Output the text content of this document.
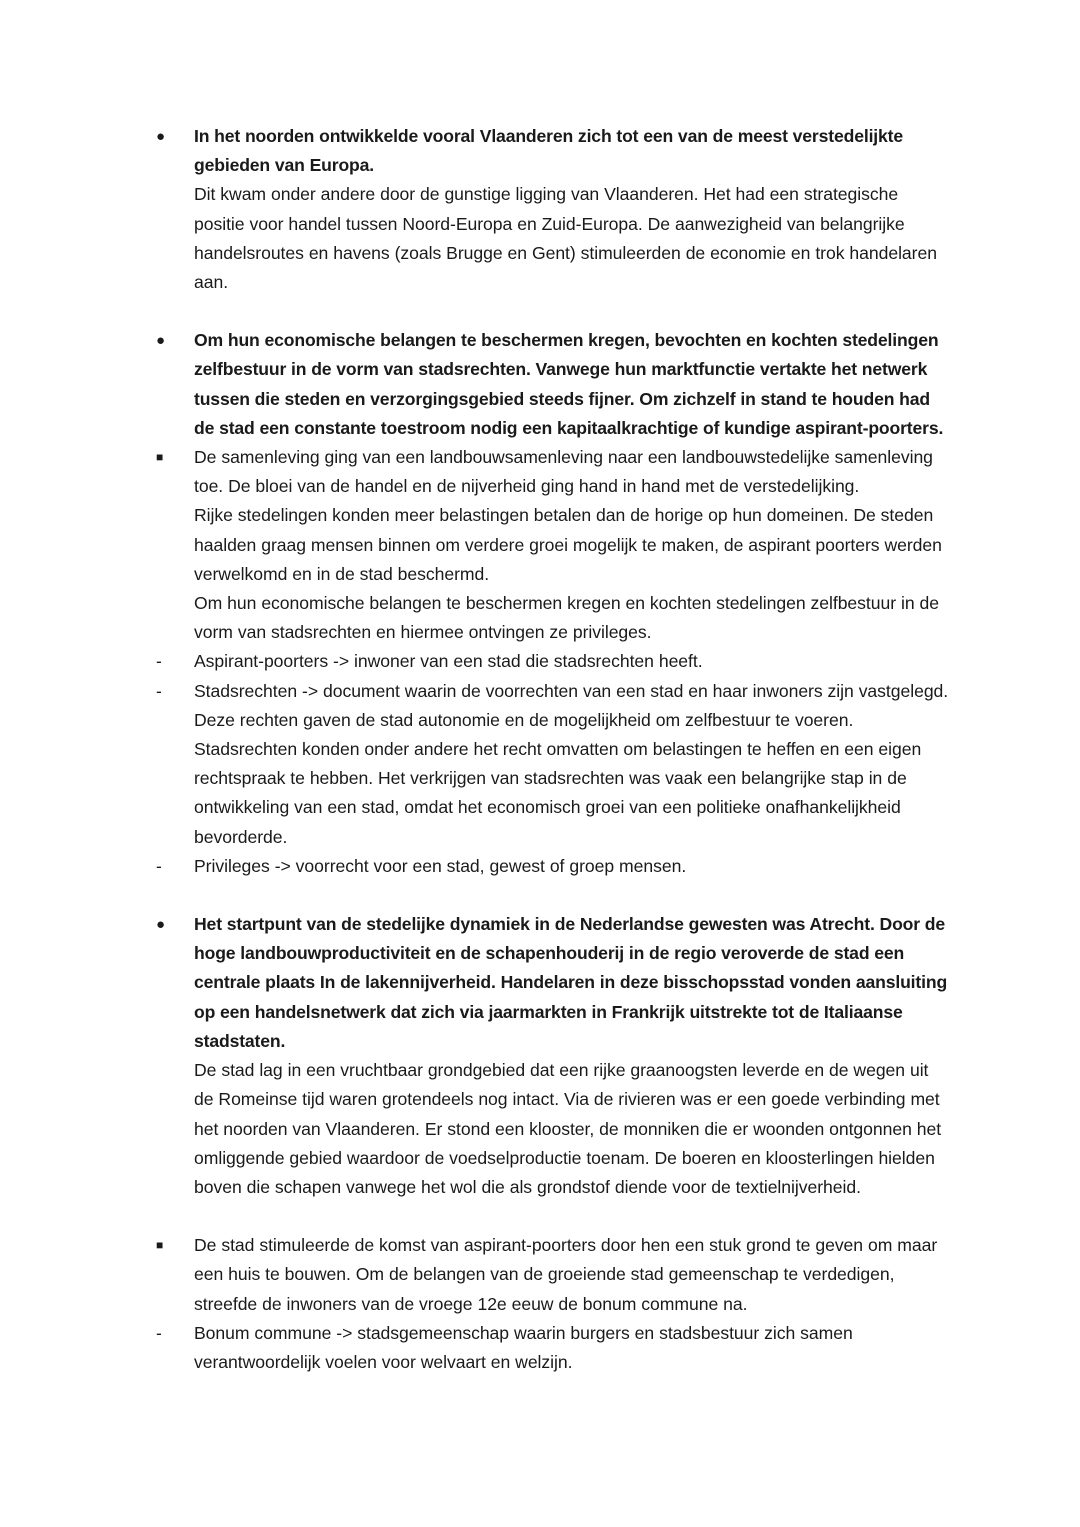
●	In het noorden ontwikkelde vooral Vlaanderen zich tot een van de meest verstedelijkte gebieden van Europa.

Dit kwam onder andere door de gunstige ligging van Vlaanderen. Het had een strategische positie voor handel tussen Noord-Europa en Zuid-Europa. De aanwezigheid van belangrijke handelsroutes en havens (zoals Brugge en Gent) stimuleerden de economie en trok handelaren aan.

●	Om hun economische belangen te beschermen kregen, bevochten en kochten stedelingen zelfbestuur in de vorm van stadsrechten. Vanwege hun marktfunctie vertakte het netwerk tussen die steden en verzorgingsgebied steeds fijner. Om zichzelf in stand te houden had de stad een constante toestroom nodig een kapitaalkrachtige of kundige aspirant-poorters.

■	De samenleving ging van een landbouwsamenleving naar een landbouwstedelijke samenleving toe. De bloei van de handel en de nijverheid ging hand in hand met de verstedelijking.

Rijke stedelingen konden meer belastingen betalen dan de horige op hun domeinen. De steden haalden graag mensen binnen om verdere groei mogelijk te maken, de aspirant poorters werden verwelkomd en in de stad beschermd.

Om hun economische belangen te beschermen kregen en kochten stedelingen zelfbestuur in de vorm van stadsrechten en hiermee ontvingen ze privileges.

-	Aspirant-poorters -> inwoner van een stad die stadsrechten heeft.

-	Stadsrechten -> document waarin de voorrechten van een stad en haar inwoners zijn vastgelegd. Deze rechten gaven de stad autonomie en de mogelijkheid om zelfbestuur te voeren. Stadsrechten konden onder andere het recht omvatten om belastingen te heffen en een eigen rechtspraak te hebben. Het verkrijgen van stadsrechten was vaak een belangrijke stap in de ontwikkeling van een stad, omdat het economisch groei van een politieke onafhankelijkheid bevorderde.

-	Privileges -> voorrecht voor een stad, gewest of groep mensen.

●	Het startpunt van de stedelijke dynamiek in de Nederlandse gewesten was Atrecht. Door de hoge landbouwproductiviteit en de schapenhouderij in de regio veroverde de stad een centrale plaats In de lakennijverheid. Handelaren in deze bisschopsstad vonden aansluiting op een handelsnetwerk dat zich via jaarmarkten in Frankrijk uitstrekte tot de Italiaanse stadstaten.

De stad lag in een vruchtbaar grondgebied dat een rijke graanoogsten leverde en de wegen uit de Romeinse tijd waren grotendeels nog intact. Via de rivieren was er een goede verbinding met het noorden van Vlaanderen. Er stond een klooster, de monniken die er woonden ontgonnen het omliggende gebied waardoor de voedselproductie toenam. De boeren en kloosterlingen hielden boven die schapen vanwege het wol die als grondstof diende voor de textielnijverheid.

■	De stad stimuleerde de komst van aspirant-poorters door hen een stuk grond te geven om maar een huis te bouwen. Om de belangen van de groeiende stad gemeenschap te verdedigen, streefde de inwoners van de vroege 12e eeuw de bonum commune na.

-	Bonum commune -> stadsgemeenschap waarin burgers en stadsbestuur zich samen verantwoordelijk voelen voor welvaart en welzijn.
